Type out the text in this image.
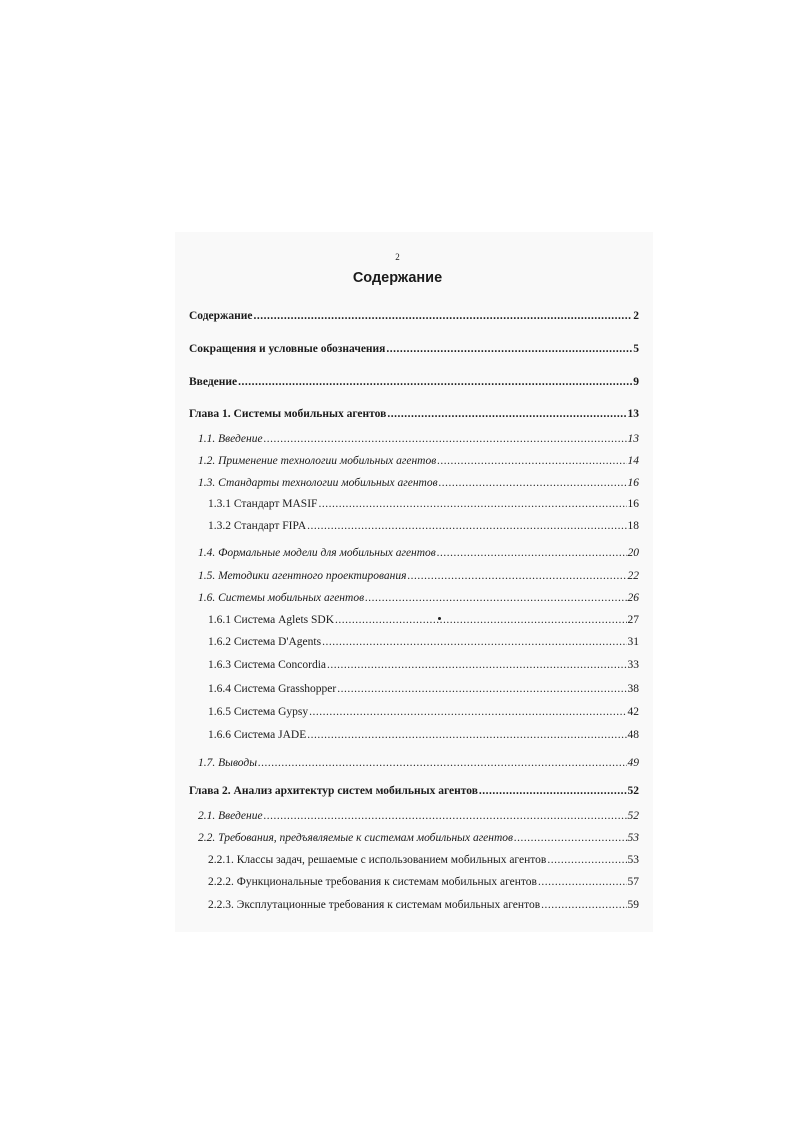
2
Содержание
Содержание .....	2
Сокращения и условные обозначения .....	5
Введение .....	9
Глава 1. Системы мобильных агентов .....	13
1.1. Введение .....	13
1.2. Применение технологии мобильных агентов .....	14
1.3. Стандарты технологии мобильных агентов .....	16
1.3.1 Стандарт MASIF .....	16
1.3.2 Стандарт FIPA .....	18
1.4. Формальные модели для мобильных агентов .....	20
1.5. Методики агентного проектирования .....	22
1.6. Системы мобильных агентов .....	26
1.6.1 Система Aglets SDK .....	27
1.6.2 Система D'Agents .....	31
1.6.3 Система Concordia .....	33
1.6.4 Система Grasshopper .....	38
1.6.5 Система Gypsy .....	42
1.6.6 Система JADE .....	48
1.7. Выводы .....	49
Глава 2. Анализ архитектур систем мобильных агентов .....	52
2.1. Введение .....	52
2.2. Требования, предъявляемые к системам мобильных агентов .....	53
2.2.1. Классы задач, решаемые с использованием мобильных агентов .....	53
2.2.2. Функциональные требования к системам мобильных агентов .....	57
2.2.3. Эксплутационные требования к системам мобильных агентов .....	59
